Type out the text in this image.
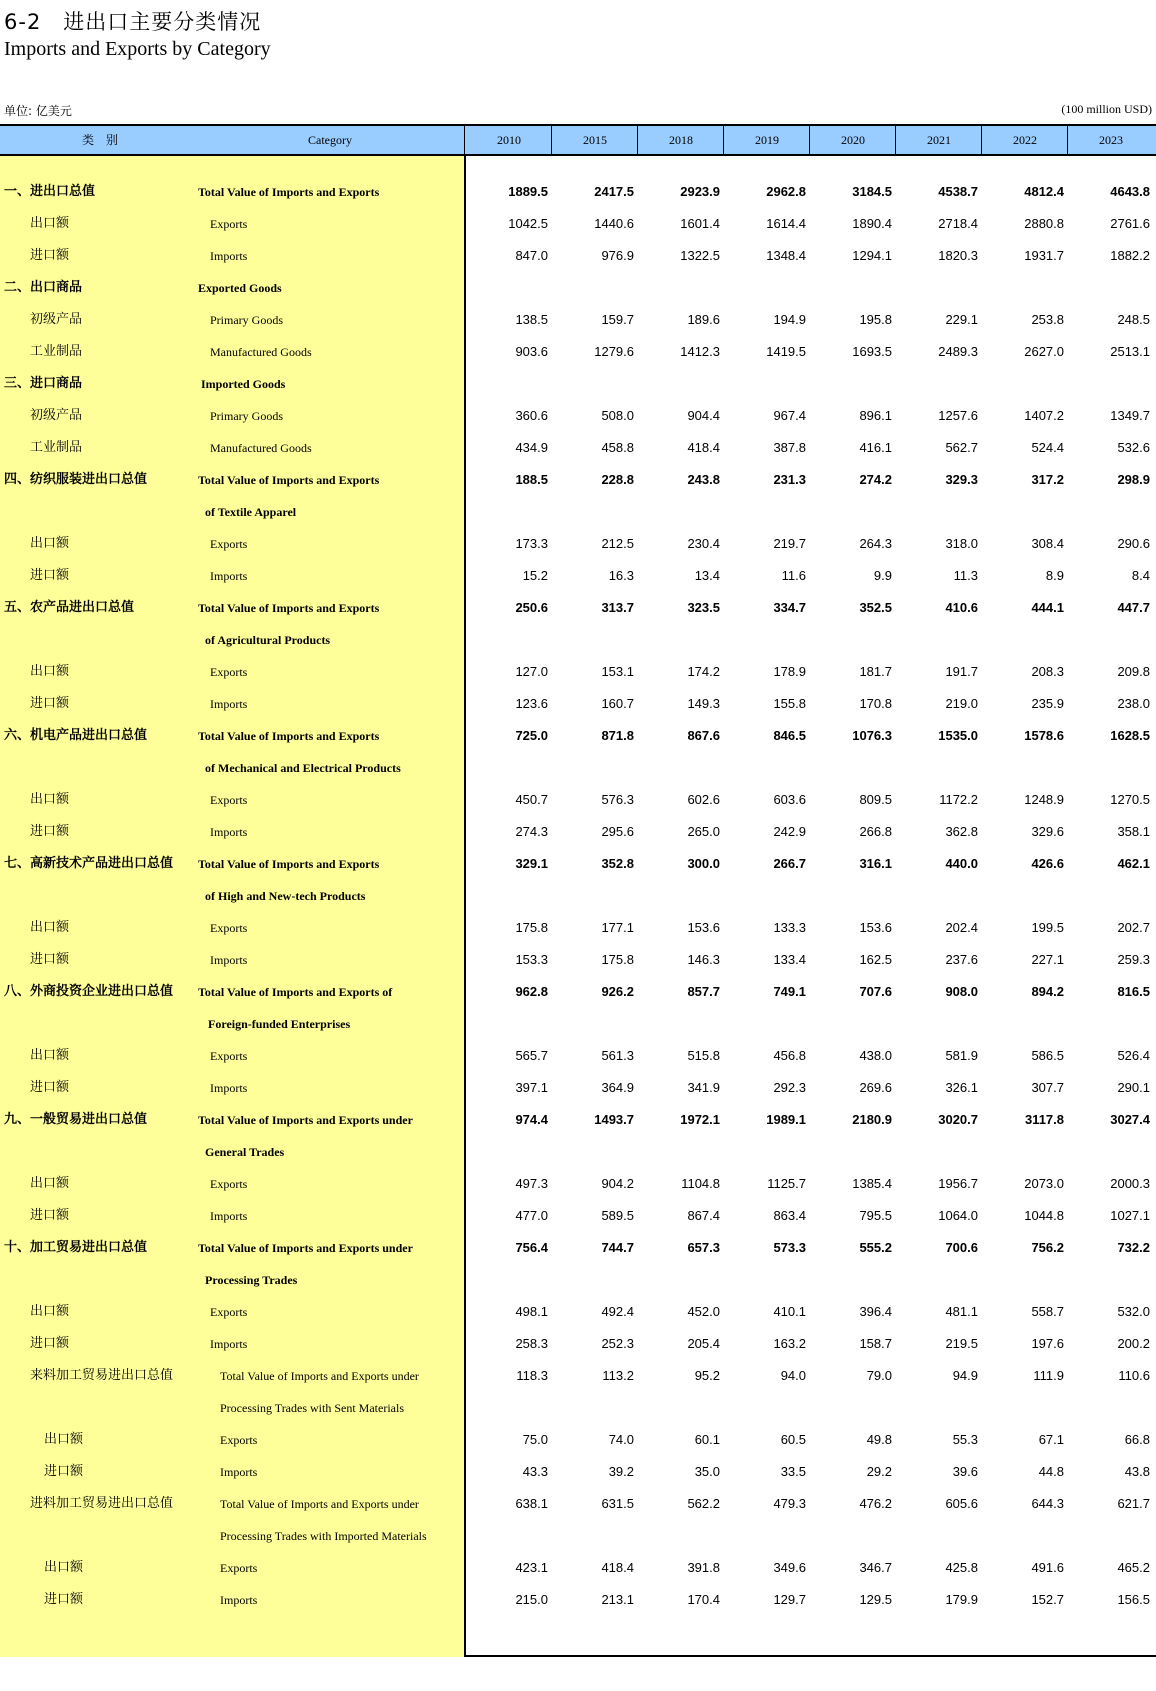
6-2　进出口主要分类情况
Imports and Exports by Category
单位: 亿美元	(100 million USD)
类　别	Category	2010	2015	2018	2019	2020	2021	2022	2023
一、进出口总值	Total Value of Imports and Exports	1889.5	2417.5	2923.9	2962.8	3184.5	4538.7	4812.4	4643.8
出口额	Exports	1042.5	1440.6	1601.4	1614.4	1890.4	2718.4	2880.8	2761.6
进口额	Imports	847.0	976.9	1322.5	1348.4	1294.1	1820.3	1931.7	1882.2
二、出口商品	Exported Goods
初级产品	Primary Goods	138.5	159.7	189.6	194.9	195.8	229.1	253.8	248.5
工业制品	Manufactured Goods	903.6	1279.6	1412.3	1419.5	1693.5	2489.3	2627.0	2513.1
三、进口商品	Imported Goods
初级产品	Primary Goods	360.6	508.0	904.4	967.4	896.1	1257.6	1407.2	1349.7
工业制品	Manufactured Goods	434.9	458.8	418.4	387.8	416.1	562.7	524.4	532.6
四、纺织服装进出口总值	Total Value of Imports and Exports	188.5	228.8	243.8	231.3	274.2	329.3	317.2	298.9
of Textile Apparel
出口额	Exports	173.3	212.5	230.4	219.7	264.3	318.0	308.4	290.6
进口额	Imports	15.2	16.3	13.4	11.6	9.9	11.3	8.9	8.4
五、农产品进出口总值	Total Value of Imports and Exports	250.6	313.7	323.5	334.7	352.5	410.6	444.1	447.7
of Agricultural Products
出口额	Exports	127.0	153.1	174.2	178.9	181.7	191.7	208.3	209.8
进口额	Imports	123.6	160.7	149.3	155.8	170.8	219.0	235.9	238.0
六、机电产品进出口总值	Total Value of Imports and Exports	725.0	871.8	867.6	846.5	1076.3	1535.0	1578.6	1628.5
of Mechanical and Electrical Products
出口额	Exports	450.7	576.3	602.6	603.6	809.5	1172.2	1248.9	1270.5
进口额	Imports	274.3	295.6	265.0	242.9	266.8	362.8	329.6	358.1
七、高新技术产品进出口总值 Total Value of Imports and Exports	329.1	352.8	300.0	266.7	316.1	440.0	426.6	462.1
of High and New-tech Products
出口额	Exports	175.8	177.1	153.6	133.3	153.6	202.4	199.5	202.7
进口额	Imports	153.3	175.8	146.3	133.4	162.5	237.6	227.1	259.3
八、外商投资企业进出口总值 Total Value of Imports and Exports of	962.8	926.2	857.7	749.1	707.6	908.0	894.2	816.5
Foreign-funded Enterprises
出口额	Exports	565.7	561.3	515.8	456.8	438.0	581.9	586.5	526.4
进口额	Imports	397.1	364.9	341.9	292.3	269.6	326.1	307.7	290.1
九、一般贸易进出口总值	Total Value of Imports and Exports under	974.4	1493.7	1972.1	1989.1	2180.9	3020.7	3117.8	3027.4
General Trades
出口额	Exports	497.3	904.2	1104.8	1125.7	1385.4	1956.7	2073.0	2000.3
进口额	Imports	477.0	589.5	867.4	863.4	795.5	1064.0	1044.8	1027.1
十、加工贸易进出口总值	Total Value of Imports and Exports under	756.4	744.7	657.3	573.3	555.2	700.6	756.2	732.2
Processing Trades
出口额	Exports	498.1	492.4	452.0	410.1	396.4	481.1	558.7	532.0
进口额	Imports	258.3	252.3	205.4	163.2	158.7	219.5	197.6	200.2
来料加工贸易进出口总值	Total Value of Imports and Exports under	118.3	113.2	95.2	94.0	79.0	94.9	111.9	110.6
Processing Trades with Sent Materials
出口额	Exports	75.0	74.0	60.1	60.5	49.8	55.3	67.1	66.8
进口额	Imports	43.3	39.2	35.0	33.5	29.2	39.6	44.8	43.8
进料加工贸易进出口总值	Total Value of Imports and Exports under	638.1	631.5	562.2	479.3	476.2	605.6	644.3	621.7
Processing Trades with Imported Materials
出口额	Exports	423.1	418.4	391.8	349.6	346.7	425.8	491.6	465.2
进口额	Imports	215.0	213.1	170.4	129.7	129.5	179.9	152.7	156.5
